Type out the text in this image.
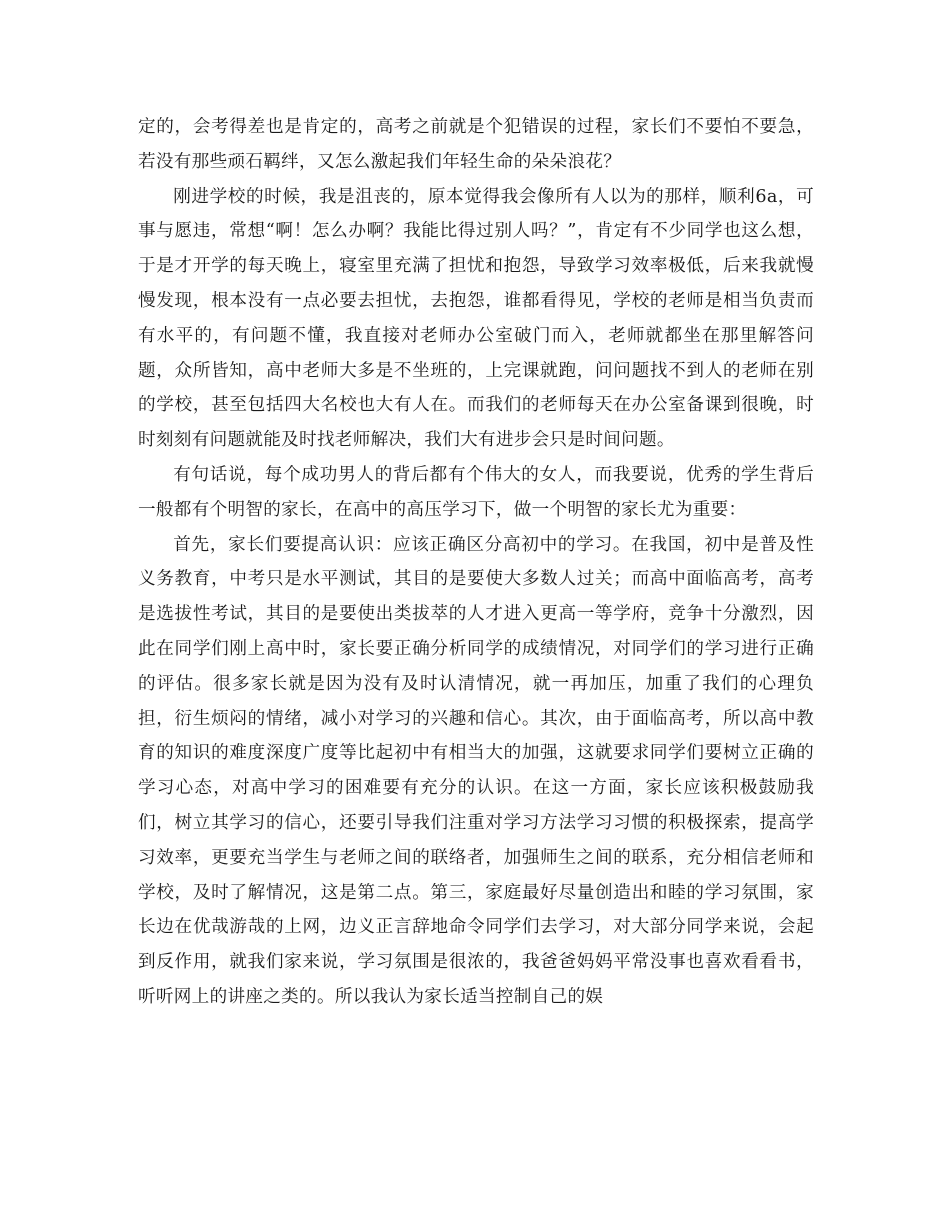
定的，会考得差也是肯定的，高考之前就是个犯错误的过程，家长们不要怕不要急，若没有那些顽石羁绊，又怎么激起我们年轻生命的朵朵浪花？

刚进学校的时候，我是沮丧的，原本觉得我会像所有人以为的那样，顺利6a，可事与愿违，常想“啊！怎么办啊？我能比得过别人吗？”，肯定有不少同学也这么想，于是才开学的每天晚上，寝室里充满了担忧和抱怨，导致学习效率极低，后来我就慢慢发现，根本没有一点必要去担忧，去抱怨，谁都看得见，学校的老师是相当负责而有水平的，有问题不懂，我直接对老师办公室破门而入，老师就都坐在那里解答问题，众所皆知，高中老师大多是不坐班的，上完课就跑，问问题找不到人的老师在别的学校，甚至包括四大名校也大有人在。而我们的老师每天在办公室备课到很晚，时时刻刻有问题就能及时找老师解决，我们大有进步会只是时间问题。

有句话说，每个成功男人的背后都有个伟大的女人，而我要说，优秀的学生背后一般都有个明智的家长，在高中的高压学习下，做一个明智的家长尤为重要：

首先，家长们要提高认识：应该正确区分高初中的学习。在我国，初中是普及性义务教育，中考只是水平测试，其目的是要使大多数人过关；而高中面临高考，高考是选拔性考试，其目的是要使出类拔萃的人才进入更高一等学府，竞争十分激烈，因此在同学们刚上高中时，家长要正确分析同学的成绩情况，对同学们的学习进行正确的评估。很多家长就是因为没有及时认清情况，就一再加压，加重了我们的心理负担，衍生烦闷的情绪，减小对学习的兴趣和信心。其次，由于面临高考，所以高中教育的知识的难度深度广度等比起初中有相当大的加强，这就要求同学们要树立正确的学习心态，对高中学习的困难要有充分的认识。在这一方面，家长应该积极鼓励我们，树立其学习的信心，还要引导我们注重对学习方法学习习惯的积极探索，提高学习效率，更要充当学生与老师之间的联络者，加强师生之间的联系，充分相信老师和学校，及时了解情况，这是第二点。第三，家庭最好尽量创造出和睦的学习氛围，家长边在优哉游哉的上网，边义正言辞地命令同学们去学习，对大部分同学来说，会起到反作用，就我们家来说，学习氛围是很浓的，我爸爸妈妈平常没事也喜欢看看书，听听网上的讲座之类的。所以我认为家长适当控制自己的娱
